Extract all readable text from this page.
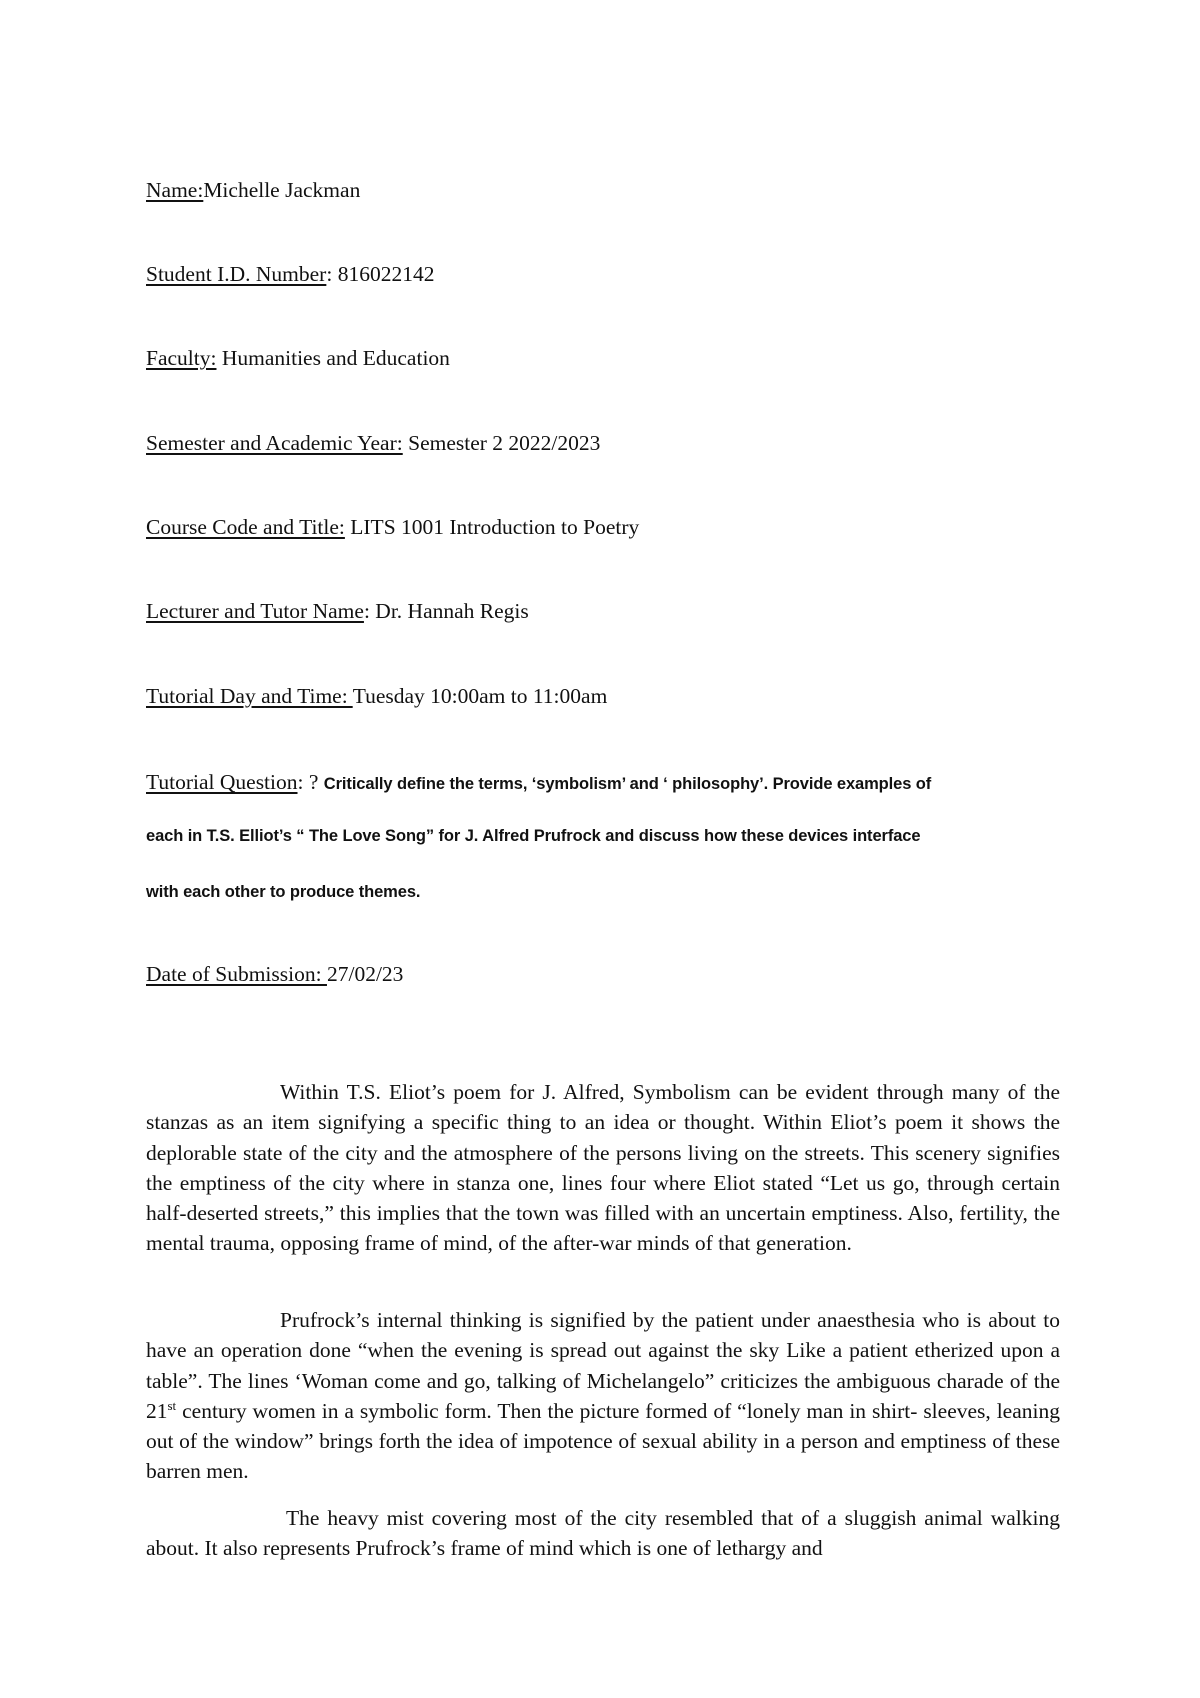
Name:Michelle Jackman
Student I.D. Number: 816022142
Faculty: Humanities and Education
Semester and Academic Year: Semester 2 2022/2023
Course Code and Title: LITS 1001 Introduction to Poetry
Lecturer and Tutor Name: Dr. Hannah Regis
Tutorial Day and Time: Tuesday 10:00am to 11:00am
Tutorial Question: ? Critically define the terms, ‘symbolism’ and ‘ philosophy’. Provide examples of
each in T.S. Elliot’s “ The Love Song” for J. Alfred Prufrock and discuss how these devices interface
with each other to produce themes.
Date of Submission: 27/02/23

Within T.S. Eliot’s poem for J. Alfred, Symbolism can be evident through many of the stanzas as an item signifying a specific thing to an idea or thought. Within Eliot’s poem it shows the deplorable state of the city and the atmosphere of the persons living on the streets. This scenery signifies the emptiness of the city where in stanza one, lines four where Eliot stated “Let us go, through certain half-deserted streets,” this implies that the town was filled with an uncertain emptiness. Also, fertility, the mental trauma, opposing frame of mind, of the after-war minds of that generation.

Prufrock’s internal thinking is signified by the patient under anaesthesia who is about to have an operation done “when the evening is spread out against the sky Like a patient etherized upon a table”. The lines ‘Woman come and go, talking of Michelangelo” criticizes the ambiguous charade of the 21st century women in a symbolic form. Then the picture formed of “lonely man in shirt- sleeves, leaning out of the window” brings forth the idea of impotence of sexual ability in a person and emptiness of these barren men.

The heavy mist covering most of the city resembled that of a sluggish animal walking about. It also represents Prufrock’s frame of mind which is one of lethargy and
